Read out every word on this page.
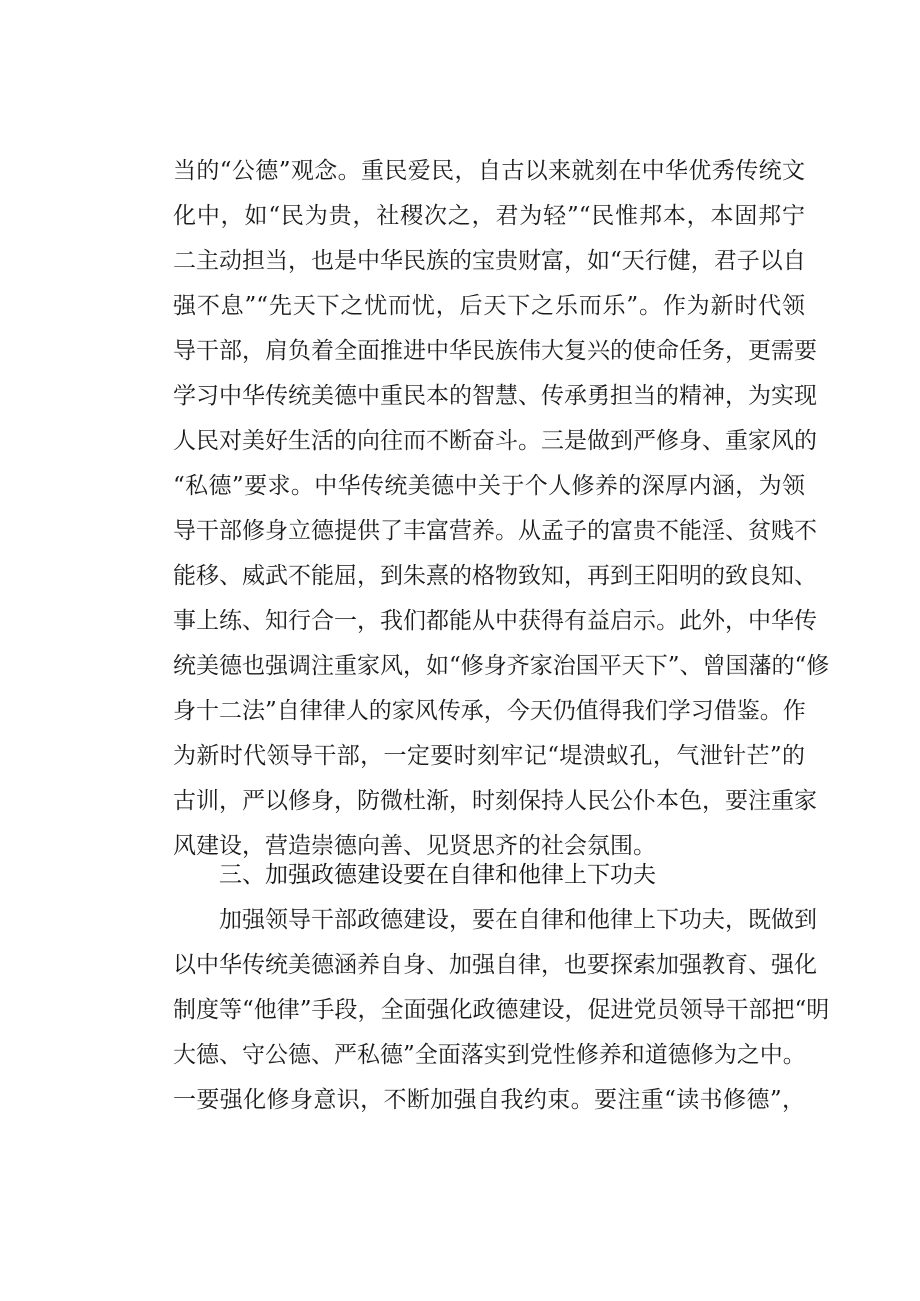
当的“公德”观念。重民爱民，自古以来就刻在中华优秀传统文
化中，如“民为贵，社稷次之，君为轻”“民惟邦本，本固邦宁
二主动担当，也是中华民族的宝贵财富，如“天行健，君子以自
强不息”“先天下之忧而忧，后天下之乐而乐”。作为新时代领
导干部，肩负着全面推进中华民族伟大复兴的使命任务，更需要
学习中华传统美德中重民本的智慧、传承勇担当的精神，为实现
人民对美好生活的向往而不断奋斗。三是做到严修身、重家风的
“私德”要求。中华传统美德中关于个人修养的深厚内涵，为领
导干部修身立德提供了丰富营养。从孟子的富贵不能淫、贫贱不
能移、威武不能屈，到朱熹的格物致知，再到王阳明的致良知、
事上练、知行合一，我们都能从中获得有益启示。此外，中华传
统美德也强调注重家风，如“修身齐家治国平天下”、曾国藩的“修
身十二法”自律律人的家风传承，今天仍值得我们学习借鉴。作
为新时代领导干部，一定要时刻牢记“堤溃蚁孔，气泄针芒”的
古训，严以修身，防微杜渐，时刻保持人民公仆本色，要注重家
风建设，营造崇德向善、见贤思齐的社会氛围。
三、加强政德建设要在自律和他律上下功夫
加强领导干部政德建设，要在自律和他律上下功夫，既做到
以中华传统美德涵养自身、加强自律，也要探索加强教育、强化
制度等“他律”手段，全面强化政德建设，促进党员领导干部把“明
大德、守公德、严私德”全面落实到党性修养和道德修为之中。
一要强化修身意识，不断加强自我约束。要注重“读书修德”，
